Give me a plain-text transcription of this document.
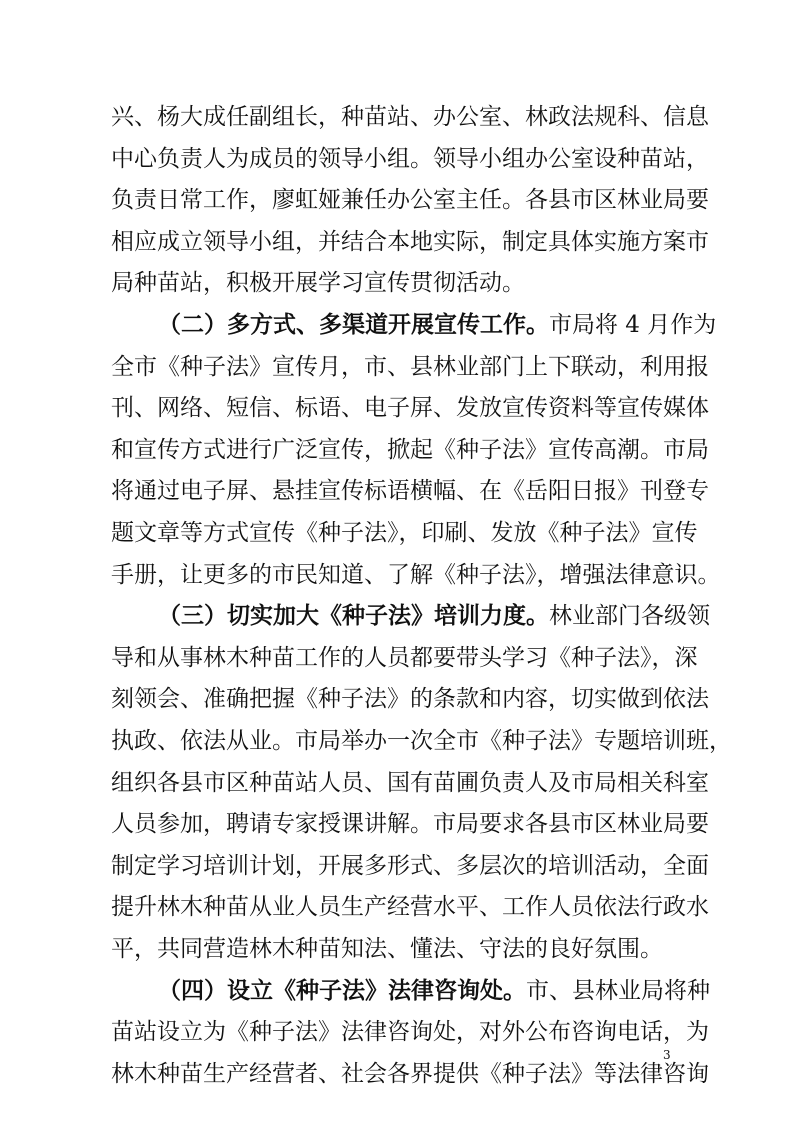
兴、杨大成任副组长，种苗站、办公室、林政法规科、信息
中心负责人为成员的领导小组。领导小组办公室设种苗站，
负责日常工作，廖虹娅兼任办公室主任。各县市区林业局要
相应成立领导小组，并结合本地实际，制定具体实施方案市
局种苗站，积极开展学习宣传贯彻活动。
（二）多方式、多渠道开展宣传工作。市局将 4 月作为
全市《种子法》宣传月，市、县林业部门上下联动，利用报
刊、网络、短信、标语、电子屏、发放宣传资料等宣传媒体
和宣传方式进行广泛宣传，掀起《种子法》宣传高潮。市局
将通过电子屏、悬挂宣传标语横幅、在《岳阳日报》刊登专
题文章等方式宣传《种子法》，印刷、发放《种子法》宣传
手册，让更多的市民知道、了解《种子法》，增强法律意识。
（三）切实加大《种子法》培训力度。林业部门各级领
导和从事林木种苗工作的人员都要带头学习《种子法》，深
刻领会、准确把握《种子法》的条款和内容，切实做到依法
执政、依法从业。市局举办一次全市《种子法》专题培训班，
组织各县市区种苗站人员、国有苗圃负责人及市局相关科室
人员参加，聘请专家授课讲解。市局要求各县市区林业局要
制定学习培训计划，开展多形式、多层次的培训活动，全面
提升林木种苗从业人员生产经营水平、工作人员依法行政水
平，共同营造林木种苗知法、懂法、守法的良好氛围。
（四）设立《种子法》法律咨询处。市、县林业局将种
苗站设立为《种子法》法律咨询处，对外公布咨询电话，为
林木种苗生产经营者、社会各界提供《种子法》等法律咨询
3
